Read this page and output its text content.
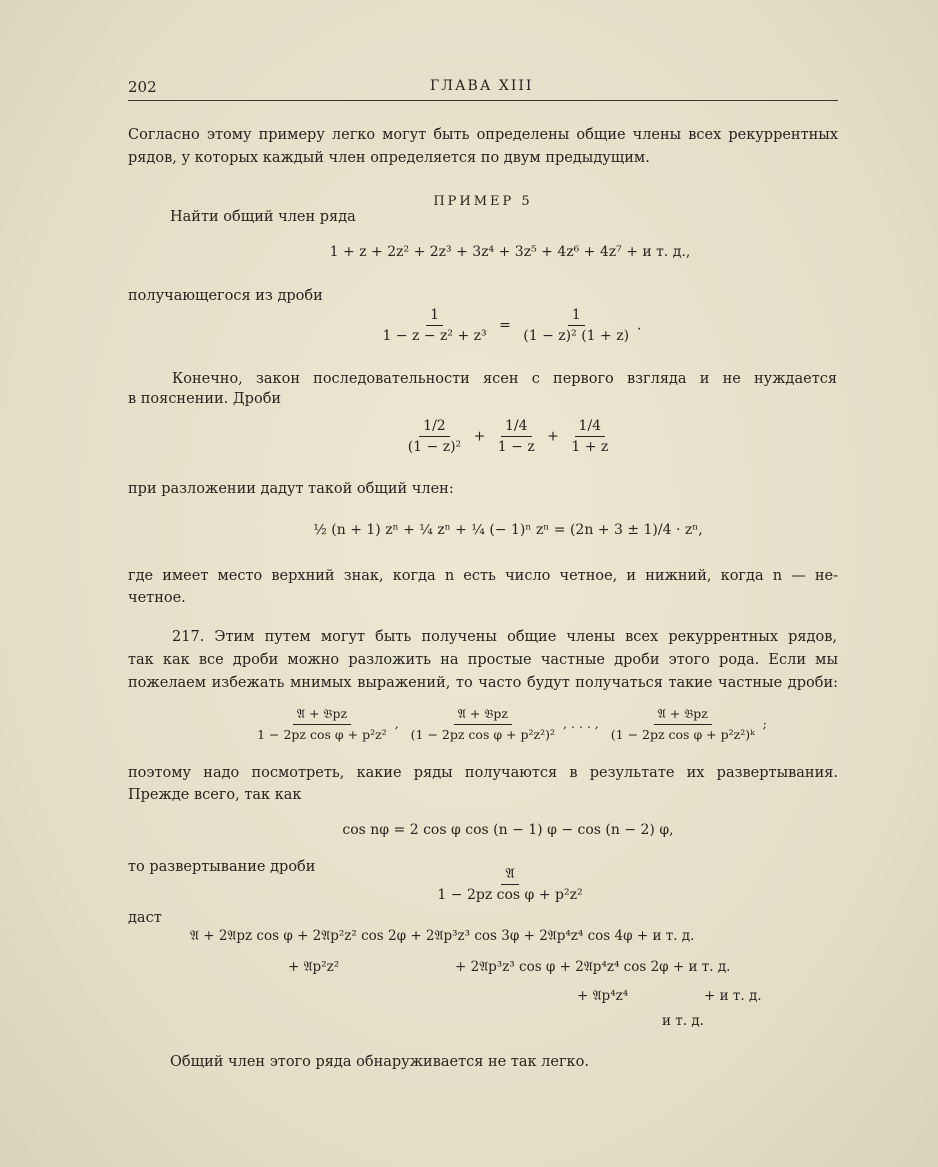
202	ГЛАВА XIII
Согласно этому примеру легко могут быть определены общие члены всех рекуррентных
рядов, у которых каждый член определяется по двум предыдущим.
ПРИМЕР 5
Найти общий член ряда
1 + z + 2z² + 2z³ + 3z⁴ + 3z⁵ + 4z⁶ + 4z⁷ + и т. д.,
получающегося из дроби
$\frac{1}{\text{1 − z − z² + z³}} = \frac{1}{\text{(1 − z)² (1 + z)}}$ .
Конечно, закон последовательности ясен с первого взгляда и не нуждается
в пояснении. Дроби
$\frac{1/2}{\text{(1 − z)²}} + \frac{1/4}{1 - z} + \frac{1/4}{1 + z}$
при разложении дадут такой общий член:
½ (n + 1) zⁿ + ¼ zⁿ + ¼ (− 1)ⁿ zⁿ = (2n + 3 ± 1)/4 · zⁿ,
где имеет место верхний знак, когда n есть число четное, и нижний, когда n — не-
четное.
217. Этим путем могут быть получены общие члены всех рекуррентных рядов,
так как все дроби можно разложить на простые частные дроби этого рода. Если мы
пожелаем избежать мнимых выражений, то часто будут получаться такие частные дроби:
$\frac{\text{𝔄 + 𝔅pz}}{\text{1 − 2pz cos φ + p²z²}}$ , $\frac{\text{𝔄 + 𝔅pz}}{\text{(1 − 2pz cos φ + p²z²)²}}$ , . . . , $\frac{\text{𝔄 + 𝔅pz}}{\text{(1 − 2pz cos φ + p²z²)ᵏ}}$ ;
поэтому надо посмотреть, какие ряды получаются в результате их развертывания.
Прежде всего, так как
cos nφ = 2 cos φ cos (n − 1) φ − cos (n − 2) φ,
то развертывание дроби	$\frac{\text{𝔄}}{\text{1 − 2pz cos φ + p²z²}}$
даст
𝔄 + 2𝔄pz cos φ + 2𝔄p²z² cos 2φ + 2𝔄p³z³ cos 3φ + 2𝔄p⁴z⁴ cos 4φ + и т. д.
+ 𝔄p²z²	+ 2𝔄p³z³ cos φ + 2𝔄p⁴z⁴ cos 2φ + и т. д.
+ 𝔄p⁴z⁴	+ и т. д.
и т. д.
Общий член этого ряда обнаруживается не так легко.
